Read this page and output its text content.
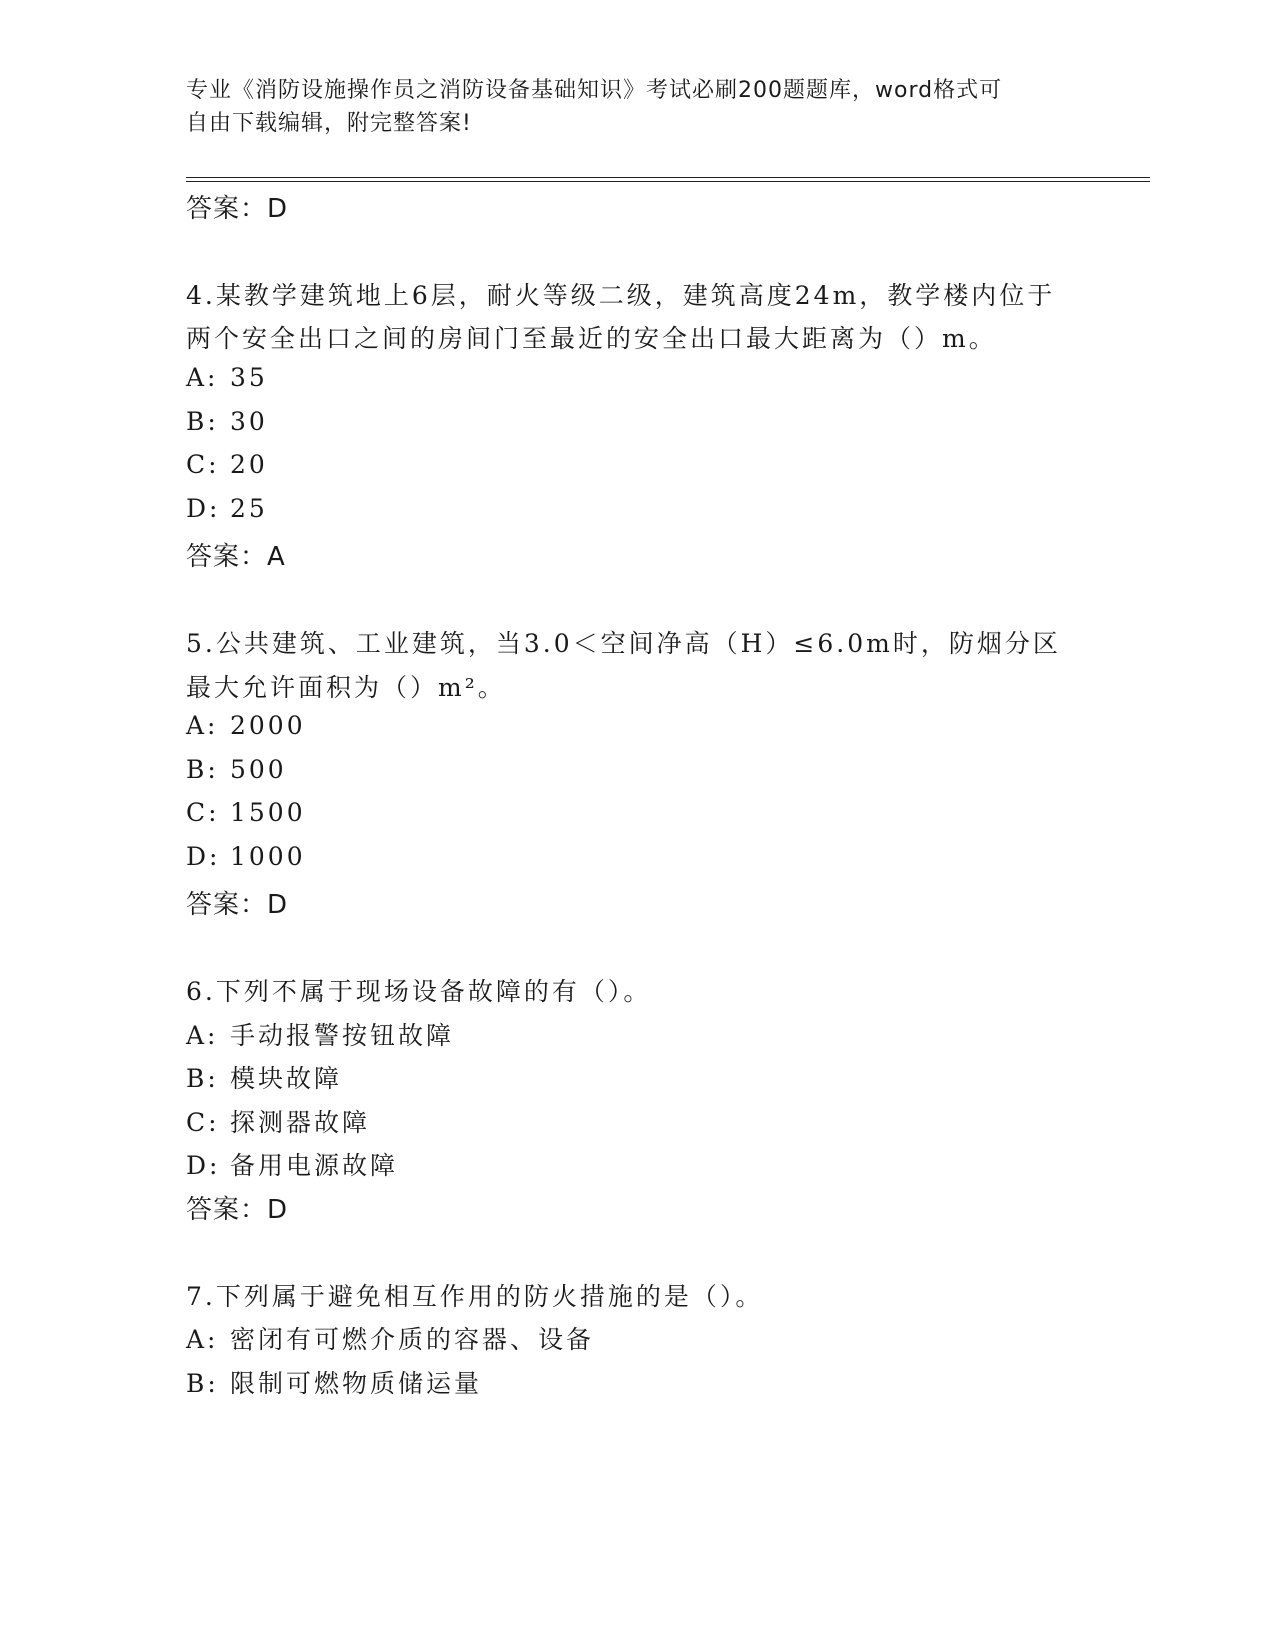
专业《消防设施操作员之消防设备基础知识》考试必刷200题题库，word格式可
自由下载编辑，附完整答案!
答案：D
4.某教学建筑地上6层，耐火等级二级，建筑高度24m，教学楼内位于
两个安全出口之间的房间门至最近的安全出口最大距离为（）m。
A: 35
B: 30
C: 20
D: 25
答案：A
5.公共建筑、工业建筑，当3.0＜空间净高（H）≤6.0m时，防烟分区
最大允许面积为（）m²。
A: 2000
B: 500
C: 1500
D: 1000
答案：D
6.下列不属于现场设备故障的有（）。
A: 手动报警按钮故障
B: 模块故障
C: 探测器故障
D: 备用电源故障
答案：D
7.下列属于避免相互作用的防火措施的是（）。
A: 密闭有可燃介质的容器、设备
B: 限制可燃物质储运量
